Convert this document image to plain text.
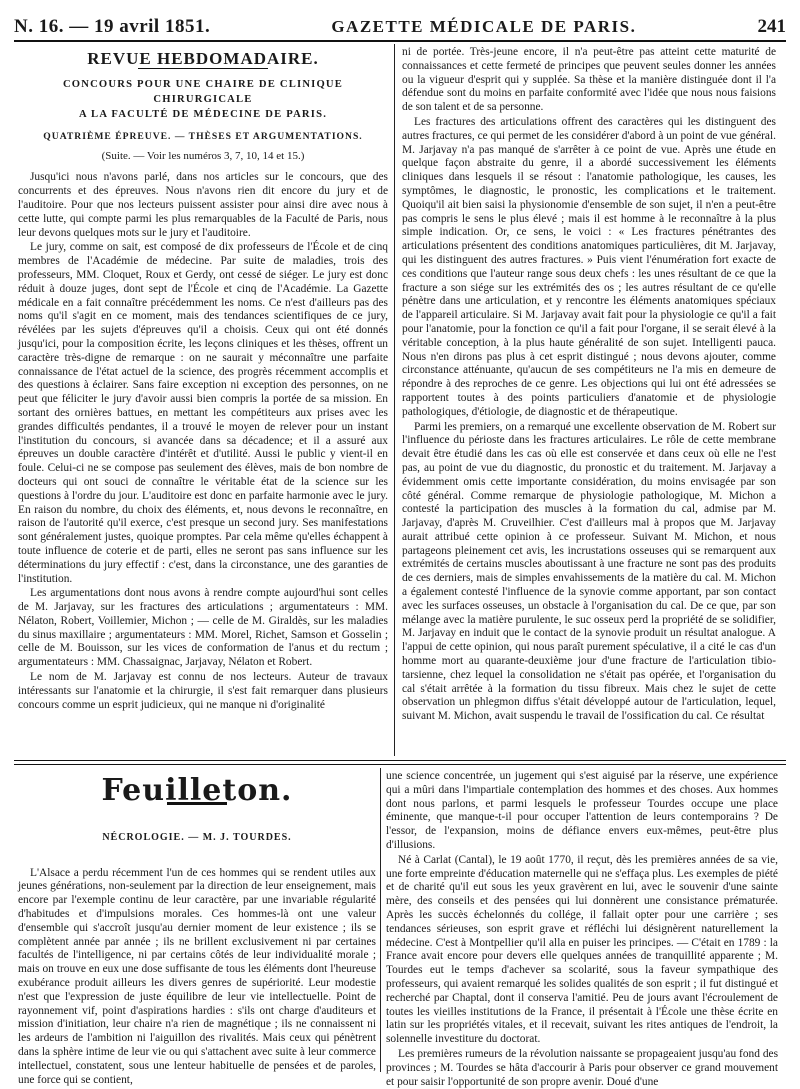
N. 16. — 19 avril 1851.	GAZETTE MÉDICALE DE PARIS.	241
REVUE HEBDOMADAIRE.
CONCOURS POUR UNE CHAIRE DE CLINIQUE CHIRURGICALE
A LA FACULTÉ DE MÉDECINE DE PARIS.
QUATRIÈME ÉPREUVE. — THÈSES ET ARGUMENTATIONS.
(Suite. — Voir les numéros 3, 7, 10, 14 et 15.)

Jusqu'ici nous n'avons parlé, dans nos articles sur le concours, que des concurrents et des épreuves. Nous n'avons rien dit encore du jury et de l'auditoire. Pour que nos lecteurs puissent assister pour ainsi dire avec nous à cette lutte, qui compte parmi les plus remarquables de la Faculté de Paris, nous leur devons quelques mots sur le jury et l'auditoire.

Le jury, comme on sait, est composé de dix professeurs de l'École et de cinq membres de l'Académie de médecine. Par suite de maladies, trois des professeurs, MM. Cloquet, Roux et Gerdy, ont cessé de siéger. Le jury est donc réduit à douze juges, dont sept de l'École et cinq de l'Académie. La Gazette médicale en a fait connaître précédemment les noms. Ce n'est d'ailleurs pas des noms qu'il s'agit en ce moment, mais des tendances scientifiques de ce jury, révélées par les sujets d'épreuves qu'il a choisis. Ceux qui ont été donnés jusqu'ici, pour la composition écrite, les leçons cliniques et les thèses, offrent un caractère très-digne de remarque : on ne saurait y méconnaître une parfaite connaissance de l'état actuel de la science, des progrès récemment accomplis et des questions à éclairer. Sans faire exception ni exception des personnes, on ne peut que féliciter le jury d'avoir aussi bien compris la portée de sa mission. En sortant des ornières battues, en mettant les compétiteurs aux prises avec les grandes difficultés pendantes, il a trouvé le moyen de relever pour un instant l'institution du concours, si avancée dans sa décadence; et il a assuré aux épreuves un double caractère d'intérêt et d'utilité. Aussi le public y vient-il en foule. Celui-ci ne se compose pas seulement des élèves, mais de bon nombre de docteurs qui ont souci de connaître le véritable état de la science sur les questions à l'ordre du jour. L'auditoire est donc en parfaite harmonie avec le jury. En raison du nombre, du choix des éléments, et, nous devons le reconnaître, en raison de l'autorité qu'il exerce, c'est presque un second jury. Ses manifestations sont généralement justes, quoique promptes. Par cela même qu'elles échappent à toute influence de coterie et de parti, elles ne seront pas sans influence sur les déterminations du jury effectif : c'est, dans la circonstance, une des garanties de l'institution.

Les argumentations dont nous avons à rendre compte aujourd'hui sont celles de M. Jarjavay, sur les fractures des articulations ; argumentateurs : MM. Nélaton, Robert, Voillemier, Michon ; — celle de M. Giraldès, sur les maladies du sinus maxillaire ; argumentateurs : MM. Morel, Richet, Samson et Gosselin ; celle de M. Bouisson, sur les vices de conformation de l'anus et du rectum ; argumentateurs : MM. Chassaignac, Jarjavay, Nélaton et Robert.

Le nom de M. Jarjavay est connu de nos lecteurs. Auteur de travaux intéressants sur l'anatomie et la chirurgie, il s'est fait remarquer dans plusieurs concours comme un esprit judicieux, qui ne manque ni d'originalité

ni de portée. Très-jeune encore, il n'a peut-être pas atteint cette maturité de connaissances et cette fermeté de principes que peuvent seules donner les années ou la vigueur d'esprit qui y supplée. Sa thèse et la manière distinguée dont il l'a défendue sont du moins en parfaite conformité avec l'idée que nous nous faisions de son talent et de sa personne.

Les fractures des articulations offrent des caractères qui les distinguent des autres fractures, ce qui permet de les considérer d'abord à un point de vue général. M. Jarjavay n'a pas manqué de s'arrêter à ce point de vue. Après une étude en quelque façon abstraite du genre, il a abordé successivement les éléments cliniques dans lesquels il se résout : l'anatomie pathologique, les causes, les symptômes, le diagnostic, le pronostic, les complications et le traitement. Quoiqu'il ait bien saisi la physionomie d'ensemble de son sujet, il n'en a peut-être pas compris le sens le plus élevé ; mais il est homme à le reconnaître à la plus simple indication. Or, ce sens, le voici : « Les fractures pénétrantes des articulations présentent des conditions anatomiques particulières, dit M. Jarjavay, qui les distinguent des autres fractures. » Puis vient l'énumération fort exacte de ces conditions que l'auteur range sous deux chefs : les unes résultant de ce que la fracture a son siége sur les extrémités des os ; les autres résultant de ce qu'elle pénètre dans une articulation, et y rencontre les éléments anatomiques spéciaux de l'appareil articulaire. Si M. Jarjavay avait fait pour la physiologie ce qu'il a fait pour l'anatomie, pour la fonction ce qu'il a fait pour l'organe, il se serait élevé à la véritable conception, à la plus haute généralité de son sujet. Intelligenti pauca. Nous n'en dirons pas plus à cet esprit distingué ; nous devons ajouter, comme circonstance atténuante, qu'aucun de ses compétiteurs ne l'a mis en demeure de répondre à des reproches de ce genre. Les objections qui lui ont été adressées se rapportent toutes à des points particuliers d'anatomie et de physiologie pathologiques, d'étiologie, de diagnostic et de thérapeutique.

Parmi les premiers, on a remarqué une excellente observation de M. Robert sur l'influence du périoste dans les fractures articulaires. Le rôle de cette membrane devait être étudié dans les cas où elle est conservée et dans ceux où elle ne l'est pas, au point de vue du diagnostic, du pronostic et du traitement. M. Jarjavay a évidemment omis cette importante considération, du moins envisagée par son côté général. Comme remarque de physiologie pathologique, M. Michon a contesté la participation des muscles à la formation du cal, admise par M. Jarjavay, d'après M. Cruveilhier. C'est d'ailleurs mal à propos que M. Jarjavay aurait attribué cette opinion à ce professeur. Suivant M. Michon, et nous partageons pleinement cet avis, les incrustations osseuses qui se remarquent aux extrémités de certains muscles aboutissant à une fracture ne sont pas des produits de ces derniers, mais de simples envahissements de la matière du cal. M. Michon a également contesté l'influence de la synovie comme apportant, par son contact avec les surfaces osseuses, un obstacle à l'organisation du cal. De ce que, par son mélange avec la matière purulente, le suc osseux perd la propriété de se solidifier, M. Jarjavay en induit que le contact de la synovie produit un résultat analogue. A l'appui de cette opinion, qui nous paraît purement spéculative, il a cité le cas d'un homme mort au quarante-deuxième jour d'une fracture de l'articulation tibio-tarsienne, chez lequel la consolidation ne s'était pas opérée, et l'organisation du cal s'était arrêtée à la formation du tissu fibreux. Mais chez le sujet de cette observation un phlegmon diffus s'était développé autour de l'articulation, lequel, suivant M. Michon, avait suspendu le travail de l'ossification du cal. Ce résultat

Feuilleton.
NÉCROLOGIE. — M. J. TOURDES.

L'Alsace a perdu récemment l'un de ces hommes qui se rendent utiles aux jeunes générations, non-seulement par la direction de leur enseignement, mais encore par l'exemple continu de leur caractère, par une invariable régularité d'habitudes et d'impulsions morales. Ces hommes-là ont une valeur d'ensemble qui s'accroît jusqu'au dernier moment de leur existence ; ils se complètent année par année ; ils ne brillent exclusivement ni par certaines facultés de l'intelligence, ni par certains côtés de leur individualité morale ; mais on trouve en eux une dose suffisante de tous les éléments dont l'heureuse exubérance produit ailleurs les divers genres de supériorité. Leur modestie n'est que l'expression de juste équilibre de leur vie intellectuelle. Point de rayonnement vif, point d'aspirations hardies : s'ils ont charge d'auditeurs et mission d'initiation, leur chaire n'a rien de magnétique ; ils ne connaissent ni les ardeurs de l'ambition ni l'aiguillon des rivalités. Mais ceux qui pénètrent dans la sphère intime de leur vie ou qui s'attachent avec suite à leur commerce intellectuel, constatent, sous une lenteur habituelle de pensées et de paroles, une force qui se contient,

une science concentrée, un jugement qui s'est aiguisé par la réserve, une expérience qui a mûri dans l'impartiale contemplation des hommes et des choses. Aux hommes dont nous parlons, et parmi lesquels le professeur Tourdes occupe une place éminente, que manque-t-il pour occuper l'attention de leurs contemporains ? De l'essor, de l'expansion, moins de défiance envers eux-mêmes, peut-être plus d'illusions.

Né à Carlat (Cantal), le 19 août 1770, il reçut, dès les premières années de sa vie, une forte empreinte d'éducation maternelle qui ne s'effaça plus. Les exemples de piété et de charité qu'il eut sous les yeux gravèrent en lui, avec le souvenir d'une sainte mère, des conseils et des pensées qui lui donnèrent une consistance prématurée. Après les succès échelonnés du collége, il fallait opter pour une carrière ; ses tendances sérieuses, son esprit grave et réfléchi lui désignèrent naturellement la médecine. C'est à Montpellier qu'il alla en puiser les principes. — C'était en 1789 : la France avait encore pour devers elle quelques années de tranquillité apparente ; M. Tourdes eut le temps d'achever sa scolarité, sous la faveur sympathique des professeurs, qui avaient remarqué les solides qualités de son esprit ; il fut distingué et recherché par Chaptal, dont il conserva l'amitié. Peu de jours avant l'écroulement de toutes les vieilles institutions de la France, il présentait à l'École une thèse écrite en latin sur les propriétés vitales, et il recevait, suivant les rites antiques de l'endroit, la solennelle investiture du doctorat.

Les premières rumeurs de la révolution naissante se propageaient jusqu'au fond des provinces ; M. Tourdes se hâta d'accourir à Paris pour observer ce grand mouvement et pour saisir l'opportunité de son propre avenir. Doué d'une
